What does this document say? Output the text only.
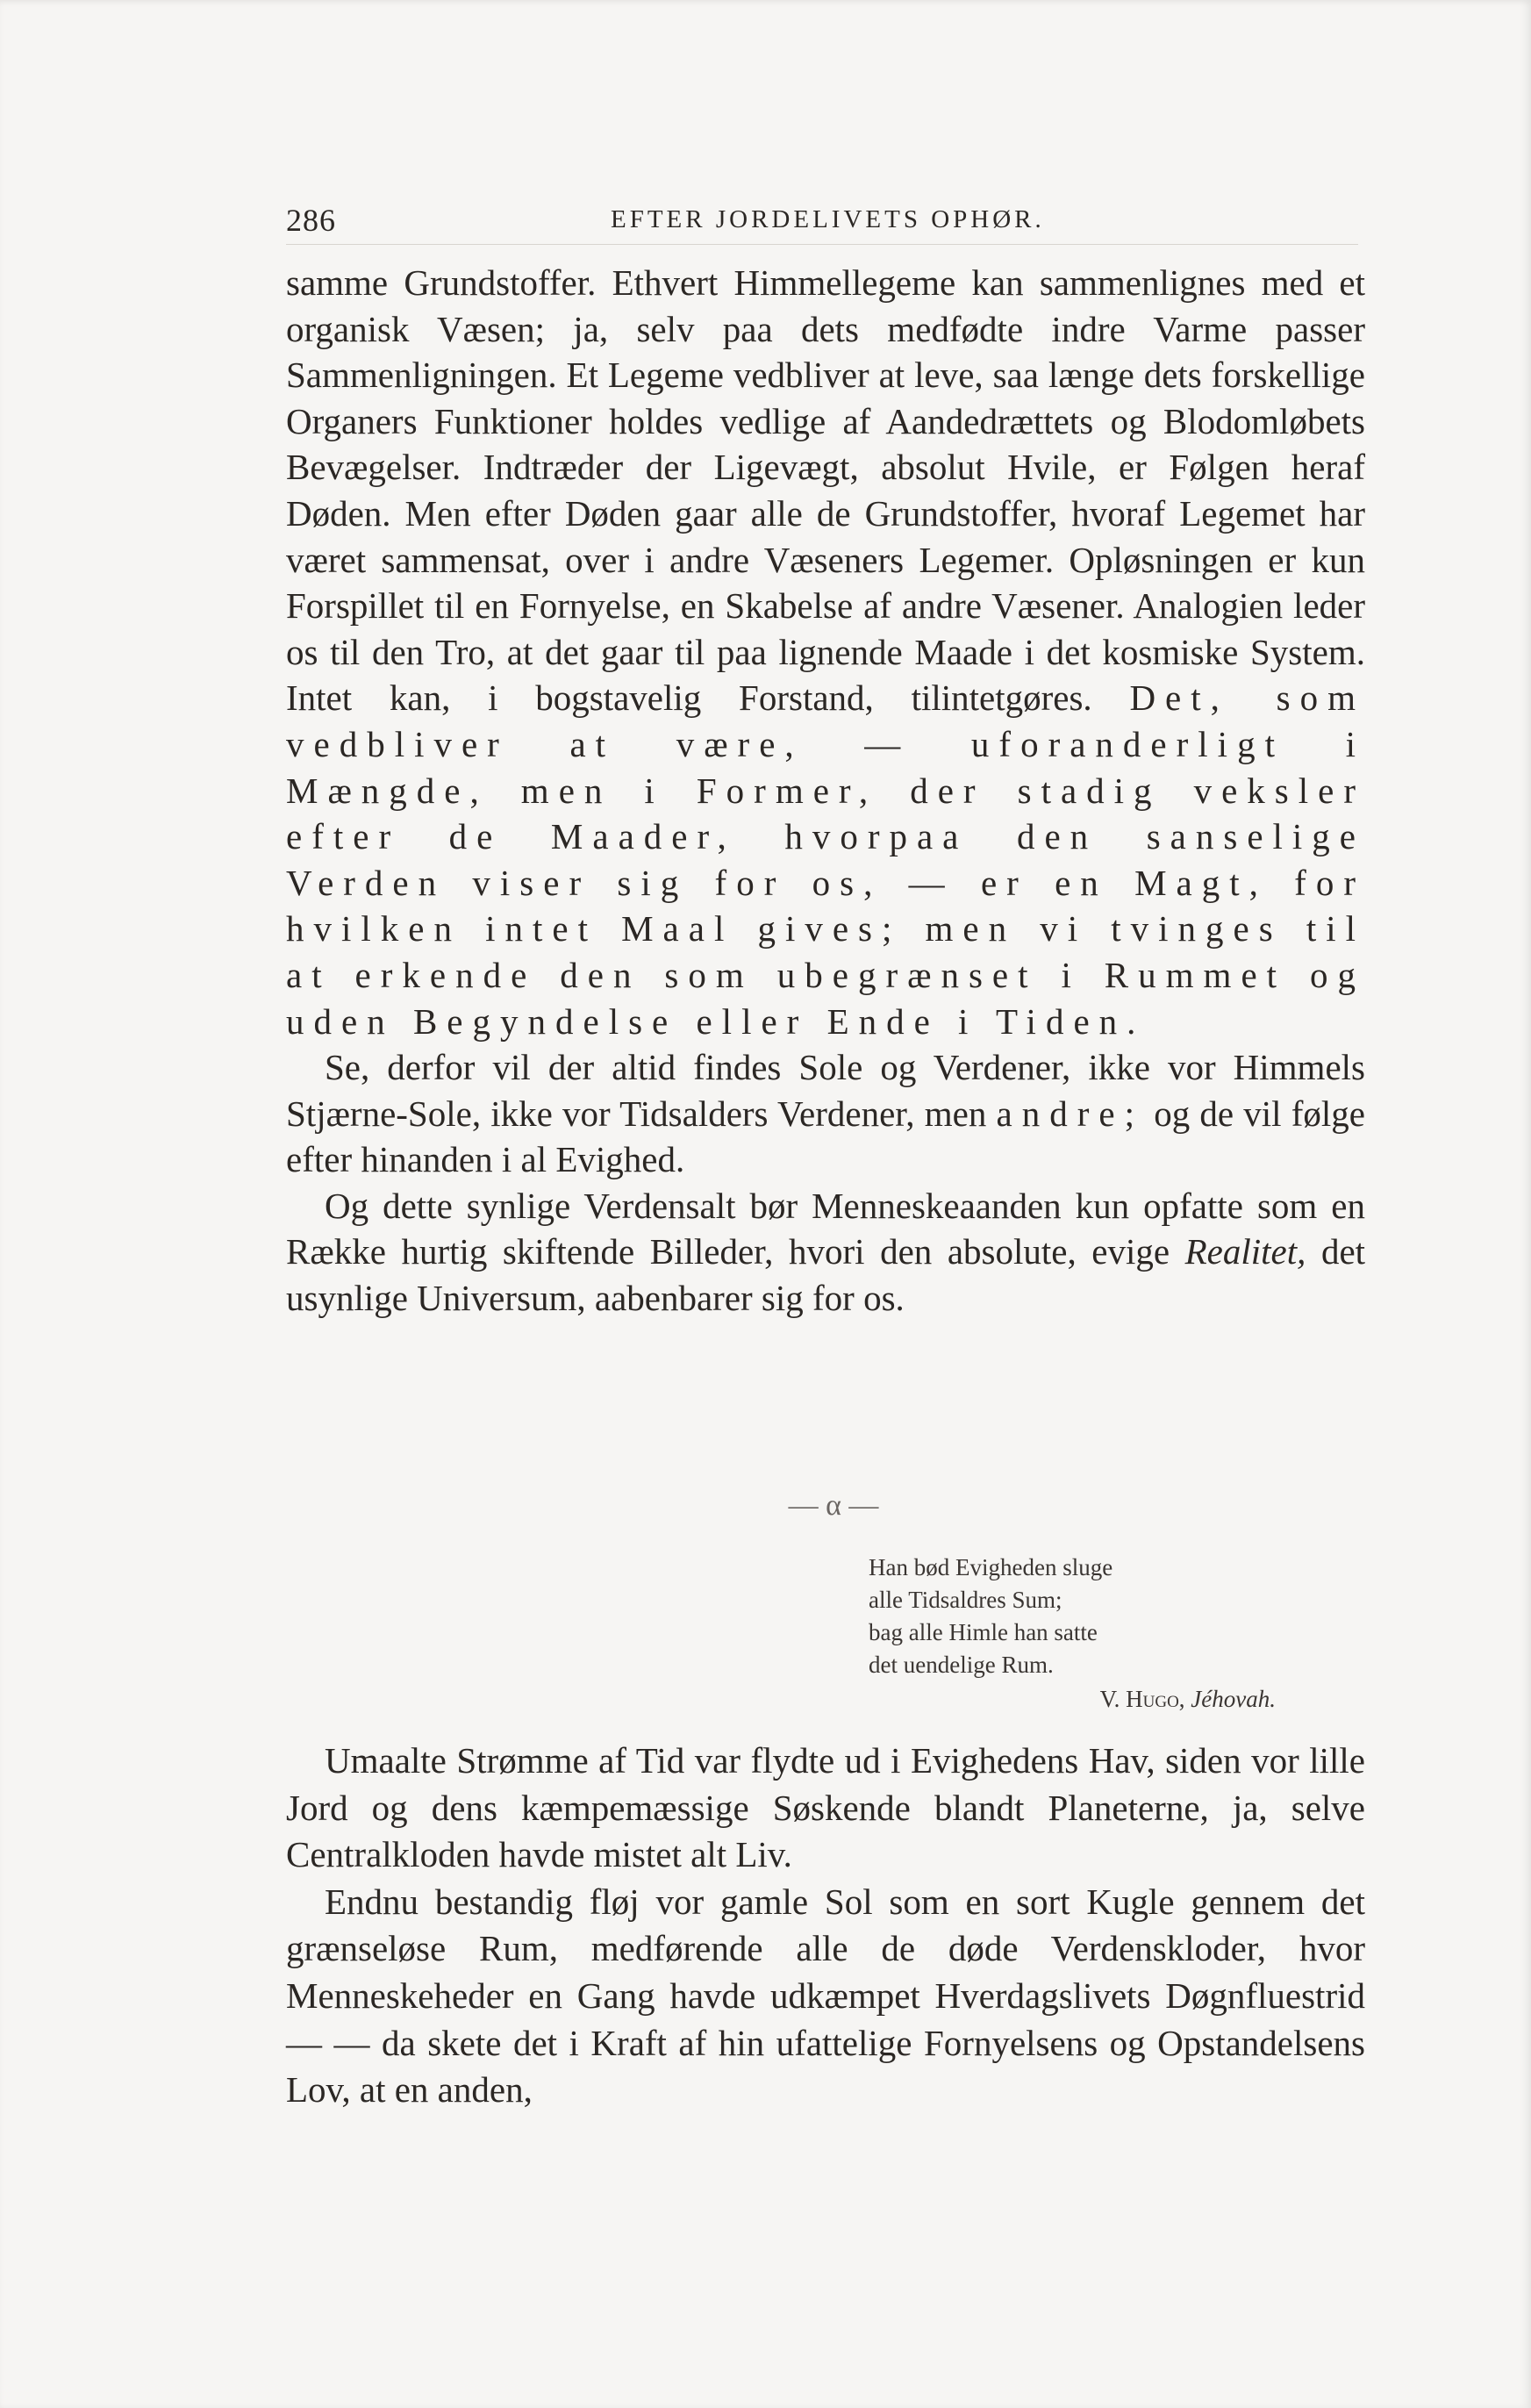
286	EFTER JORDELIVETS OPHØR.

samme Grundstoffer. Ethvert Himmellegeme kan sammenlignes med et organisk Væsen; ja, selv paa dets medfødte indre Varme passer Sammenligningen. Et Legeme vedbliver at leve, saa længe dets forskellige Organers Funktioner holdes vedlige af Aandedrættets og Blodomløbets Bevægelser. Indtræder der Ligevægt, absolut Hvile, er Følgen heraf Døden. Men efter Døden gaar alle de Grundstoffer, hvoraf Legemet har været sammensat, over i andre Væseners Legemer. Opløsningen er kun Forspillet til en Fornyelse, en Skabelse af andre Væsener. Analogien leder os til den Tro, at det gaar til paa lignende Maade i det kosmiske System. Intet kan, i bogstavelig Forstand, tilintetgøres. Det, som vedbliver at være, — uforanderligt i Mængde, men i Former, der stadig veksler efter de Maader, hvorpaa den sanselige Verden viser sig for os, — er en Magt, for hvilken intet Maal gives; men vi tvinges til at erkende den som ubegrænset i Rummet og uden Begyndelse eller Ende i Tiden.

Se, derfor vil der altid findes Sole og Verdener, ikke vor Himmels Stjærne-Sole, ikke vor Tidsalders Verdener, men andre; og de vil følge efter hinanden i al Evighed.

Og dette synlige Verdensalt bør Menneskeaanden kun opfatte som en Række hurtig skiftende Billeder, hvori den absolute, evige Realitet, det usynlige Universum, aabenbarer sig for os.

— α —
Han bød Evigheden sluge
alle Tidsaldres Sum;
bag alle Himle han satte
det uendelige Rum.
V. Hugo, Jéhovah.

Umaalte Strømme af Tid var flydte ud i Evighedens Hav, siden vor lille Jord og dens kæmpemæssige Søskende blandt Planeterne, ja, selve Centralkloden havde mistet alt Liv.

Endnu bestandig fløj vor gamle Sol som en sort Kugle gennem det grænseløse Rum, medførende alle de døde Verdenskloder, hvor Menneskeheder en Gang havde udkæmpet Hverdagslivets Døgnfluestrid — — da skete det i Kraft af hin ufattelige Fornyelsens og Opstandelsens Lov, at en anden,
